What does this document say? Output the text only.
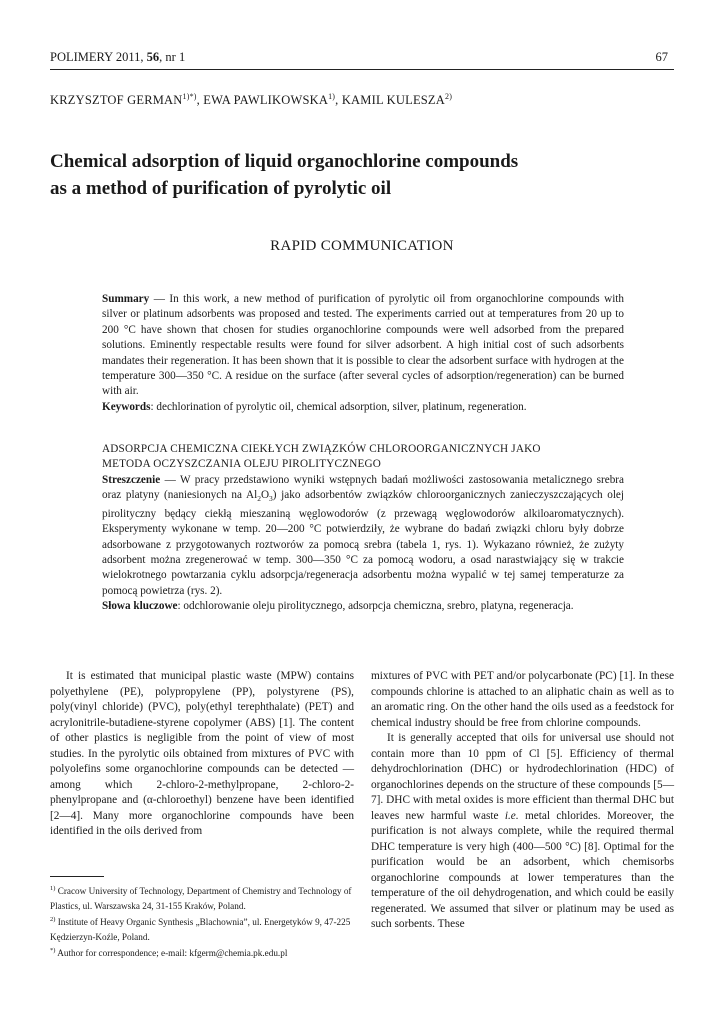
POLIMERY 2011, 56, nr 1	67
KRZYSZTOF $GERMAN^{1)*)}$, EWA PAWLIKOWSKA$^{1)}$, KAMIL KULESZA$^{2)}$
Chemical adsorption of liquid organochlorine compounds
as a method of purification of pyrolytic oil
RAPID COMMUNICATION

Summary — In this work, a new method of purification of pyrolytic oil from organochlorine compounds with silver or platinum adsorbents was proposed and tested. The experiments carried out at temperatures from 20 up to 200 °C have shown that chosen for studies organochlorine compounds were well adsorbed from the prepared solutions. Eminently respectable results were found for silver adsorbent. A high initial cost of such adsorbents mandates their regeneration. It has been shown that it is possible to clear the adsorbent surface with hydrogen at the temperature 300—350 °C. A residue on the surface (after several cycles of adsorption/regeneration) can be burned with air.

Keywords: dechlorination of pyrolytic oil, chemical adsorption, silver, platinum, regeneration.

ADSORPCJA CHEMICZNA CIEKŁYCH ZWIĄZKÓW CHLOROORGANICZNYCH JAKO
METODA OCZYSZCZANIA OLEJU PIROLITYCZNEGO

Streszczenie — W pracy przedstawiono wyniki wstępnych badań możliwości zastosowania metalicznego srebra oraz platyny (naniesionych na $Al_2O_3$) jako adsorbentów związków chloroorganicznych zanieczyszczających olej pirolityczny będący ciekłą mieszaniną węglowodorów (z przewagą węglowodorów alkiloaromatycznych). Eksperymenty wykonane w temp. 20—200 °C potwierdziły, że wybrane do badań związki chloru były dobrze adsorbowane z przygotowanych roztworów za pomocą srebra (tabela 1, rys. 1). Wykazano również, że zużyty adsorbent można zregenerować w temp. 300—350 °C za pomocą wodoru, a osad narastwiający się w trakcie wielokrotnego powtarzania cyklu adsorpcja/regeneracja adsorbentu można wypalić w tej samej temperaturze za pomocą powietrza (rys. 2).

Słowa kluczowe: odchlorowanie oleju pirolitycznego, adsorpcja chemiczna, srebro, platyna, regeneracja.

It is estimated that municipal plastic waste (MPW) contains polyethylene (PE), polypropylene (PP), polystyrene (PS), poly(vinyl chloride) (PVC), poly(ethyl terephthalate) (PET) and acrylonitrile-butadiene-styrene copolymer (ABS) [1]. The content of other plastics is negligible from the point of view of most studies. In the pyrolytic oils obtained from mixtures of PVC with polyolefins some organochlorine compounds can be detected — among which 2-chloro-2-methylpropane, 2-chloro-2-phenylpropane and (α-chloroethyl) benzene have been identified [2—4]. Many more organochlorine compounds have been identified in the oils derived from

mixtures of PVC with PET and/or polycarbonate (PC) [1]. In these compounds chlorine is attached to an aliphatic chain as well as to an aromatic ring. On the other hand the oils used as a feedstock for chemical industry should be free from chlorine compounds.

It is generally accepted that oils for universal use should not contain more than 10 ppm of Cl [5]. Efficiency of thermal dehydrochlorination (DHC) or hydrodechlorination (HDC) of organochlorines depends on the structure of these compounds [5—7]. DHC with metal oxides is more efficient than thermal DHC but leaves new harmful waste i.e. metal chlorides. Moreover, the purification is not always complete, while the required thermal DHC temperature is very high (400—500 °C) [8]. Optimal for the purification would be an adsorbent, which chemisorbs organochlorine compounds at lower temperatures than the temperature of the oil dehydrogenation, and which could be easily regenerated. We assumed that silver or platinum may be used as such sorbents. These

$^{1)}$ Cracow University of Technology, Department of Chemistry and Technology of Plastics, ul. Warszawska 24, 31-155 Kraków, Poland.
$^{2)}$ Institute of Heavy Organic Synthesis „Blachownia”, ul. Energetyków 9, 47-225 Kędzierzyn-Koźle, Poland.
*) Author for correspondence; e-mail: kfgerm@chemia.pk.edu.pl
